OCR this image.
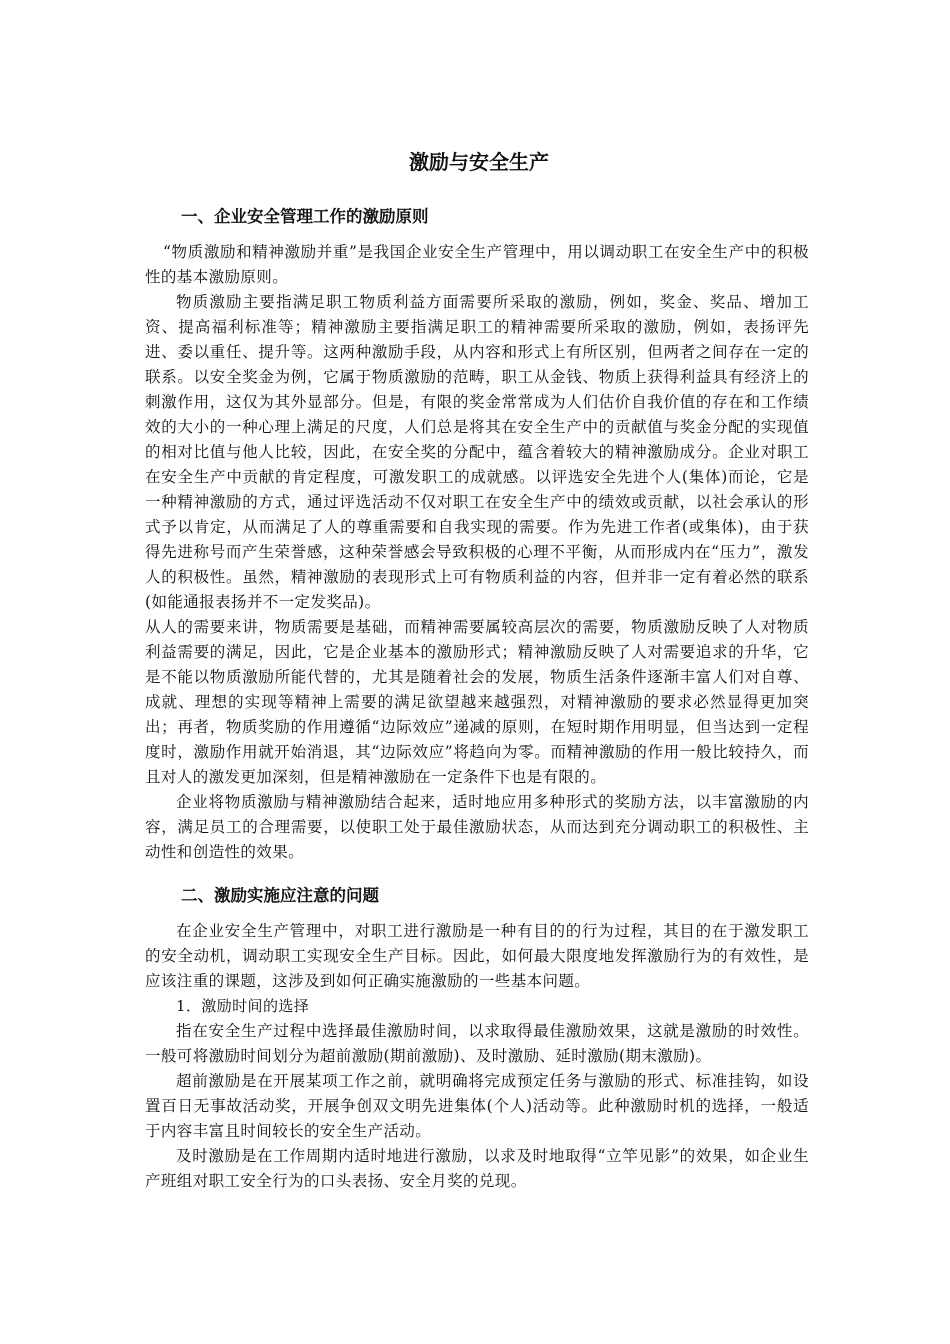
激励与安全生产
一、企业安全管理工作的激励原则

“物质激励和精神激励并重”是我国企业安全生产管理中，用以调动职工在安全生产中的积极性的基本激励原则。

物质激励主要指满足职工物质利益方面需要所采取的激励，例如，奖金、奖品、增加工资、提高福利标准等；精神激励主要指满足职工的精神需要所采取的激励，例如，表扬评先进、委以重任、提升等。这两种激励手段，从内容和形式上有所区别，但两者之间存在一定的联系。以安全奖金为例，它属于物质激励的范畴，职工从金钱、物质上获得利益具有经济上的刺激作用，这仅为其外显部分。但是，有限的奖金常常成为人们估价自我价值的存在和工作绩效的大小的一种心理上满足的尺度，人们总是将其在安全生产中的贡献值与奖金分配的实现值的相对比值与他人比较，因此，在安全奖的分配中，蕴含着较大的精神激励成分。企业对职工在安全生产中贡献的肯定程度，可激发职工的成就感。以评选安全先进个人(集体)而论，它是一种精神激励的方式，通过评选活动不仅对职工在安全生产中的绩效或贡献，以社会承认的形式予以肯定，从而满足了人的尊重需要和自我实现的需要。作为先进工作者(或集体)，由于获得先进称号而产生荣誉感，这种荣誉感会导致积极的心理不平衡，从而形成内在“压力”，激发人的积极性。虽然，精神激励的表现形式上可有物质利益的内容，但并非一定有着必然的联系(如能通报表扬并不一定发奖品)。

从人的需要来讲，物质需要是基础，而精神需要属较高层次的需要，物质激励反映了人对物质利益需要的满足，因此，它是企业基本的激励形式；精神激励反映了人对需要追求的升华，它是不能以物质激励所能代替的，尤其是随着社会的发展，物质生活条件逐渐丰富人们对自尊、成就、理想的实现等精神上需要的满足欲望越来越强烈，对精神激励的要求必然显得更加突出；再者，物质奖励的作用遵循“边际效应”递减的原则，在短时期作用明显，但当达到一定程度时，激励作用就开始消退，其“边际效应”将趋向为零。而精神激励的作用一般比较持久，而且对人的激发更加深刻，但是精神激励在一定条件下也是有限的。

企业将物质激励与精神激励结合起来，适时地应用多种形式的奖励方法，以丰富激励的内容，满足员工的合理需要，以使职工处于最佳激励状态，从而达到充分调动职工的积极性、主动性和创造性的效果。

二、激励实施应注意的问题

在企业安全生产管理中，对职工进行激励是一种有目的的行为过程，其目的在于激发职工的安全动机，调动职工实现安全生产目标。因此，如何最大限度地发挥激励行为的有效性，是应该注重的课题，这涉及到如何正确实施激励的一些基本问题。

1．激励时间的选择

指在安全生产过程中选择最佳激励时间，以求取得最佳激励效果，这就是激励的时效性。一般可将激励时间划分为超前激励(期前激励)、及时激励、延时激励(期末激励)。

超前激励是在开展某项工作之前，就明确将完成预定任务与激励的形式、标准挂钩，如设置百日无事故活动奖，开展争创双文明先进集体(个人)活动等。此种激励时机的选择，一般适于内容丰富且时间较长的安全生产活动。

及时激励是在工作周期内适时地进行激励，以求及时地取得“立竿见影”的效果，如企业生产班组对职工安全行为的口头表扬、安全月奖的兑现。
